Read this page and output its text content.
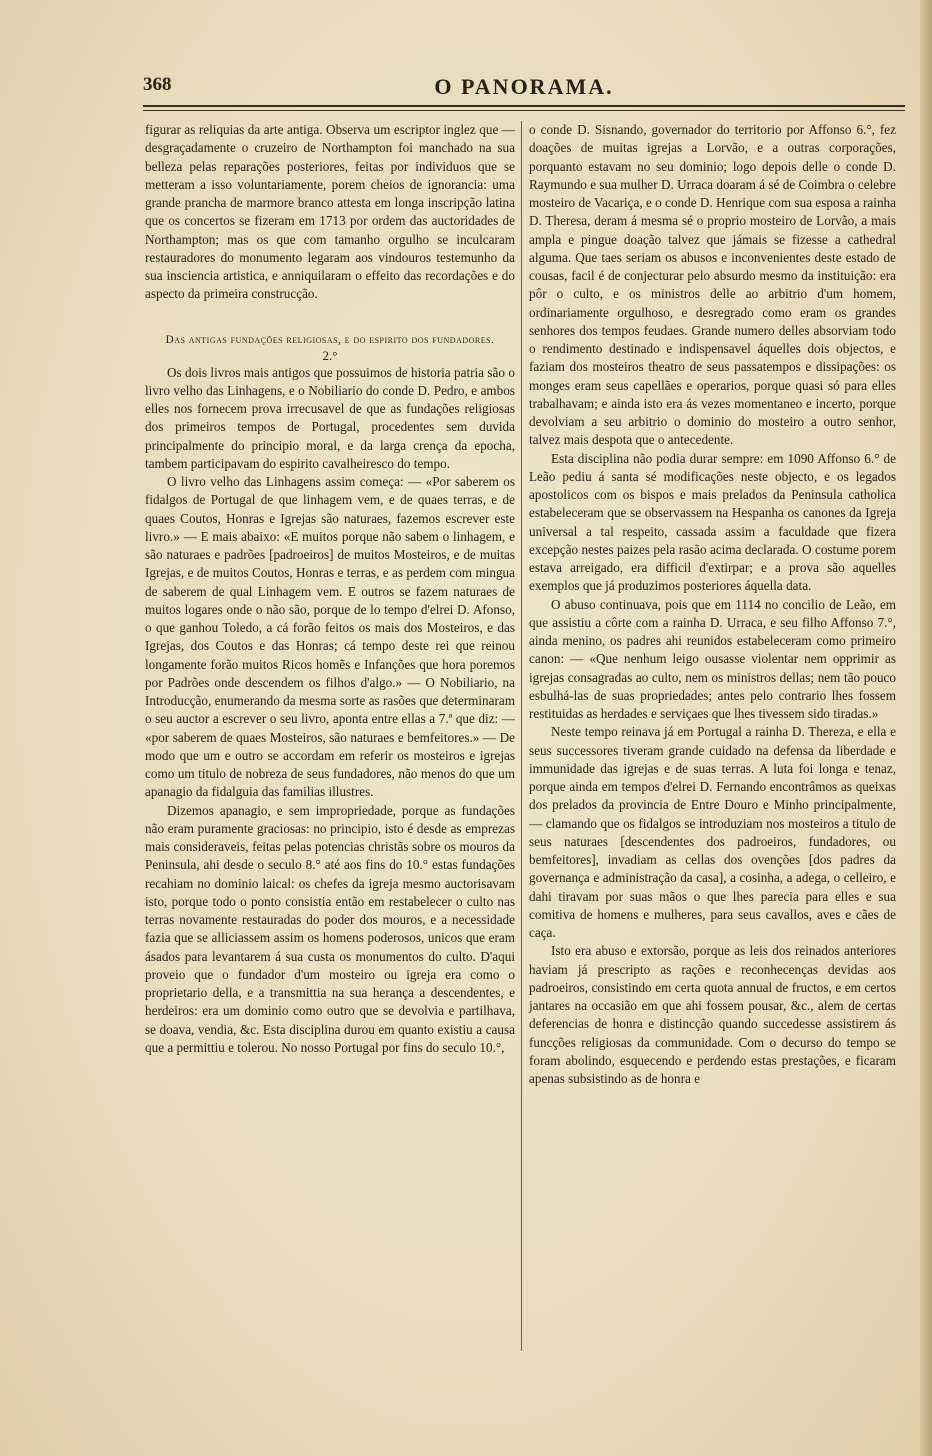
368	O PANORAMA.

figurar as reliquias da arte antiga. Observa um escriptor inglez que — desgraçadamente o cruzeiro de Northampton foi manchado na sua belleza pelas reparações posteriores, feitas por individuos que se metteram a isso voluntariamente, porem cheios de ignorancia: uma grande prancha de marmore branco attesta em longa inscripção latina que os concertos se fizeram em 1713 por ordem das auctoridades de Northampton; mas os que com tamanho orgulho se inculcaram restauradores do monumento legaram aos vindouros testemunho da sua insciencia artistica, e anniquilaram o effeito das recordações e do aspecto da primeira construcção.

Das antigas fundações religiosas, e do espirito dos fundadores.
2.°

Os dois livros mais antigos que possuimos de historia patria são o livro velho das Linhagens, e o Nobiliario do conde D. Pedro, e ambos elles nos fornecem prova irrecusavel de que as fundações religiosas dos primeiros tempos de Portugal, procedentes sem duvida principalmente do principio moral, e da larga crença da epocha, tambem participavam do espirito cavalheiresco do tempo.

O livro velho das Linhagens assim começa: — «Por saberem os fidalgos de Portugal de que linhagem vem, e de quaes terras, e de quaes Coutos, Honras e Igrejas são naturaes, fazemos escrever este livro.» — E mais abaixo: «E muitos porque não sabem o linhagem, e são naturaes e padrões [padroeiros] de muitos Mosteiros, e de muitas Igrejas, e de muitos Coutos, Honras e terras, e as perdem com mingua de saberem de qual Linhagem vem. E outros se fazem naturaes de muitos logares onde o não são, porque de lo tempo d'elrei D. Afonso, o que ganhou Toledo, a cá forão feitos os mais dos Mosteiros, e das Igrejas, dos Coutos e das Honras; cá tempo deste rei que reinou longamente forão muitos Ricos homẽs e Infanções que hora poremos por Padrões onde descendem os filhos d'algo.» — O Nobiliario, na Introducção, enumerando da mesma sorte as rasões que determinaram o seu auctor a escrever o seu livro, aponta entre ellas a 7.ª que diz: — «por saberem de quaes Mosteiros, são naturaes e bemfeitores.» — De modo que um e outro se accordam em referir os mosteiros e igrejas como um titulo de nobreza de seus fundadores, não menos do que um apanagio da fidalguia das familias illustres.

Dizemos apanagio, e sem impropriedade, porque as fundações não eram puramente graciosas: no principio, isto é desde as emprezas mais consideraveis, feitas pelas potencias christãs sobre os mouros da Peninsula, ahi desde o seculo 8.° até aos fins do 10.° estas fundações recahiam no dominio laical: os chefes da igreja mesmo auctorisavam isto, porque todo o ponto consistia então em restabelecer o culto nas terras novamente restauradas do poder dos mouros, e a necessidade fazia que se alliciassem assim os homens poderosos, unicos que eram ásados para levantarem á sua custa os monumentos do culto. D'aqui proveio que o fundador d'um mosteiro ou igreja era como o proprietario della, e a transmittia na sua herança a descendentes, e herdeiros: era um dominio como outro que se devolvia e partilhava, se doava, vendia, &c. Esta disciplina durou em quanto existiu a causa que a permittiu e tolerou. No nosso Portugal por fins do seculo 10.°,

o conde D. Sisnando, governador do territorio por Affonso 6.°, fez doações de muitas igrejas a Lorvão, e a outras corporações, porquanto estavam no seu dominio; logo depois delle o conde D. Raymundo e sua mulher D. Urraca doaram á sé de Coimbra o celebre mosteiro de Vacariça, e o conde D. Henrique com sua esposa a rainha D. Theresa, deram á mesma sé o proprio mosteiro de Lorvão, a mais ampla e pingue doação talvez que jámais se fizesse a cathedral alguma. Que taes seriam os abusos e inconvenientes deste estado de cousas, facil é de conjecturar pelo absurdo mesmo da instituição: era pôr o culto, e os ministros delle ao arbitrio d'um homem, ordinariamente orgulhoso, e desregrado como eram os grandes senhores dos tempos feudaes. Grande numero delles absorviam todo o rendimento destinado e indispensavel áquelles dois objectos, e faziam dos mosteiros theatro de seus passatempos e dissipações: os monges eram seus capellães e operarios, porque quasi só para elles trabalhavam; e ainda isto era ás vezes momentaneo e incerto, porque devolviam a seu arbitrio o dominio do mosteiro a outro senhor, talvez mais despota que o antecedente.

Esta disciplina não podia durar sempre: em 1090 Affonso 6.° de Leão pediu á santa sé modificações neste objecto, e os legados apostolicos com os bispos e mais prelados da Peninsula catholica estabeleceram que se observassem na Hespanha os canones da Igreja universal a tal respeito, cassada assim a faculdade que fizera excepção nestes paizes pela rasão acima declarada. O costume porem estava arreigado, era difficil d'extirpar; e a prova são aquelles exemplos que já produzimos posteriores áquella data.

O abuso continuava, pois que em 1114 no concilio de Leão, em que assistiu a côrte com a rainha D. Urraca, e seu filho Affonso 7.°, ainda menino, os padres ahi reunidos estabeleceram como primeiro canon: — «Que nenhum leigo ousasse violentar nem opprimir as igrejas consagradas ao culto, nem os ministros dellas; nem tão pouco esbulhá-las de suas propriedades; antes pelo contrario lhes fossem restituidas as herdades e serviçaes que lhes tivessem sido tiradas.»

Neste tempo reinava já em Portugal a rainha D. Thereza, e ella e seus successores tiveram grande cuidado na defensa da liberdade e immunidade das igrejas e de suas terras. A luta foi longa e tenaz, porque ainda em tempos d'elrei D. Fernando encontrâmos as queixas dos prelados da provincia de Entre Douro e Minho principalmente, — clamando que os fidalgos se introduziam nos mosteiros a titulo de seus naturaes [descendentes dos padroeiros, fundadores, ou bemfeitores], invadiam as cellas dos ovenções [dos padres da governança e administração da casa], a cosinha, a adega, o celleiro, e dahi tiravam por suas mãos o que lhes parecia para elles e sua comitiva de homens e mulheres, para seus cavallos, aves e cães de caça.

Isto era abuso e extorsão, porque as leis dos reinados anteriores haviam já prescripto as rações e reconhecenças devidas aos padroeiros, consistindo em certa quota annual de fructos, e em certos jantares na occasião em que ahi fossem pousar, &c., alem de certas deferencias de honra e distincção quando succedesse assistirem ás funcções religiosas da communidade. Com o decurso do tempo se foram abolindo, esquecendo e perdendo estas prestações, e ficaram apenas subsistindo as de honra e
